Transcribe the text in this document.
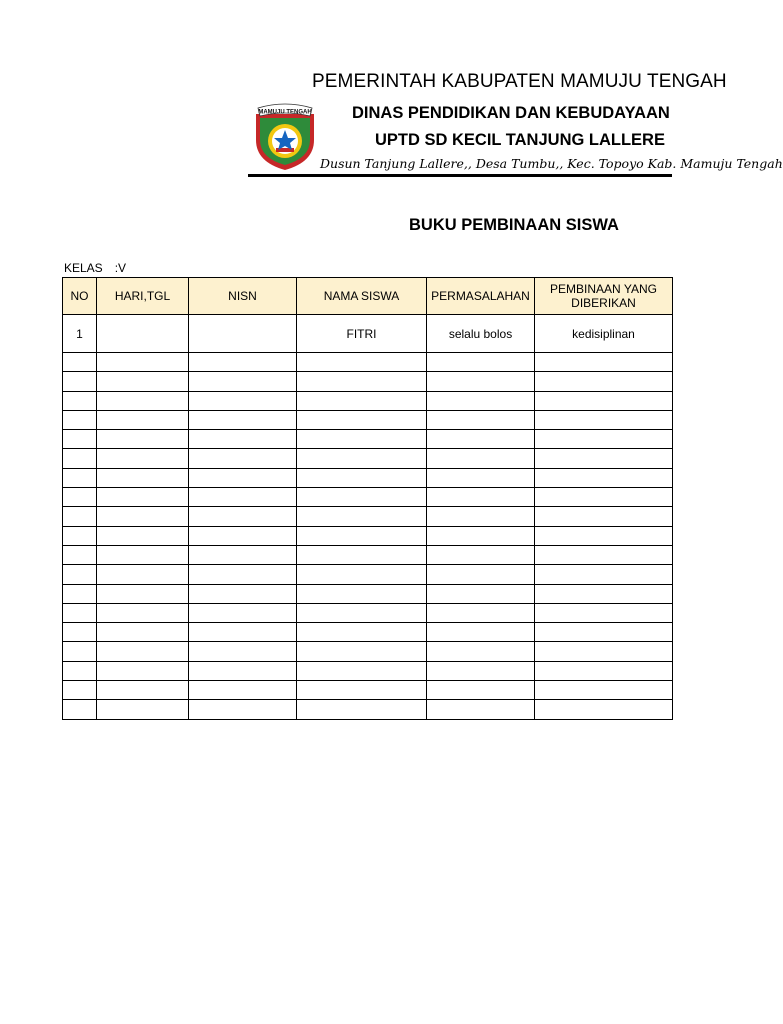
MAMUJU TENGAH
PEMERINTAH KABUPATEN MAMUJU TENGAH
DINAS PENDIDIKAN DAN KEBUDAYAAN
UPTD SD KECIL TANJUNG LALLERE
Dusun Tanjung Lallere,, Desa Tumbu,, Kec. Topoyo Kab. Mamuju Tengah
BUKU PEMBINAAN SISWA
KELAS :V
NO	HARI,TGL	NISN	NAMA SISWA	PERMASALAHAN	PEMBINAAN YANG DIBERIKAN
1			FITRI	selalu bolos	kedisiplinan
